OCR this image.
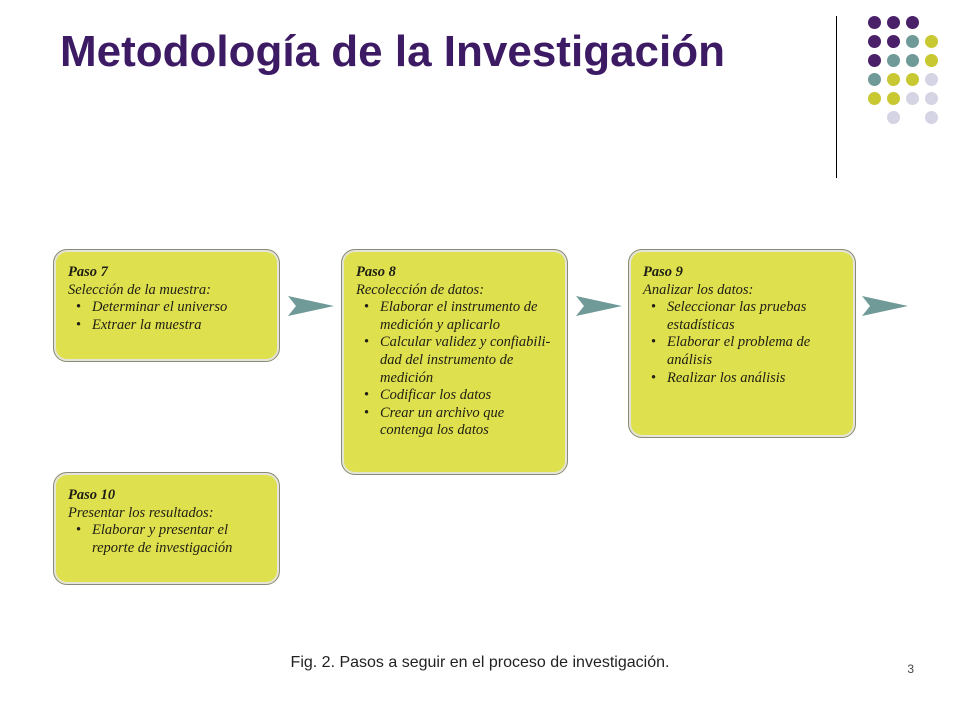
Metodología de la Investigación
Paso 7
Selección de la muestra:
• Determinar el universo
• Extraer la muestra
Paso 8
Recolección de datos:
• Elaborar el instrumento de medición y aplicarlo
• Calcular validez y confiabili-dad del instrumento de medición
• Codificar los datos
• Crear un archivo que contenga los datos
Paso 9
Analizar los datos:
• Seleccionar las pruebas estadísticas
• Elaborar el problema de análisis
• Realizar los análisis
Paso 10
Presentar los resultados:
• Elaborar y presentar el reporte de investigación
Fig. 2. Pasos a seguir en el proceso de investigación.	3
